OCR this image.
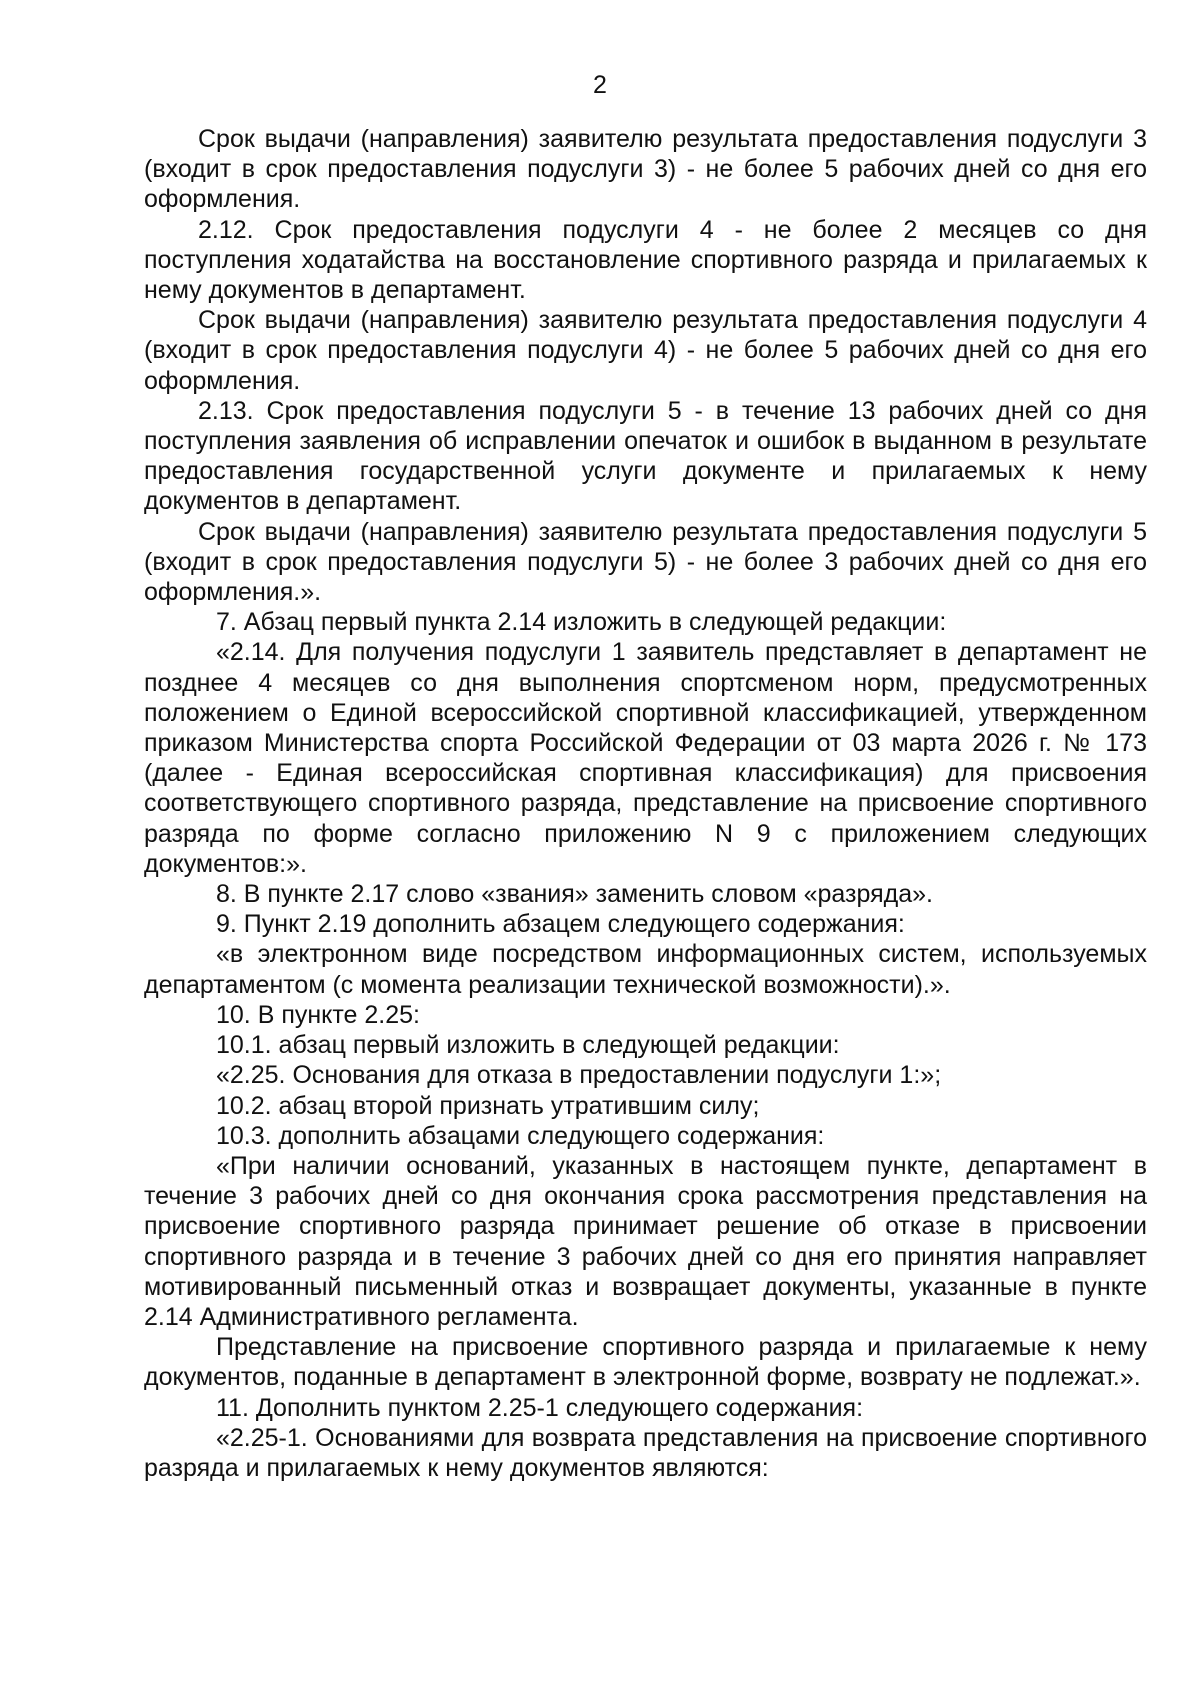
2

Срок выдачи (направления) заявителю результата предоставления подуслуги 3 (входит в срок предоставления подуслуги 3) - не более 5 рабочих дней со дня его оформления.

2.12. Срок предоставления подуслуги 4 - не более 2 месяцев со дня поступления ходатайства на восстановление спортивного разряда и прилагаемых к нему документов в департамент.

Срок выдачи (направления) заявителю результата предоставления подуслуги 4 (входит в срок предоставления подуслуги 4) - не более 5 рабочих дней со дня его оформления.

2.13. Срок предоставления подуслуги 5 - в течение 13 рабочих дней со дня поступления заявления об исправлении опечаток и ошибок в выданном в результате предоставления государственной услуги документе и прилагаемых к нему документов в департамент.

Срок выдачи (направления) заявителю результата предоставления подуслуги 5 (входит в срок предоставления подуслуги 5) - не более 3 рабочих дней со дня его оформления.».

7. Абзац первый пункта 2.14 изложить в следующей редакции:

«2.14. Для получения подуслуги 1 заявитель представляет в департамент не позднее 4 месяцев со дня выполнения спортсменом норм, предусмотренных положением о Единой всероссийской спортивной классификацией, утвержденном приказом Министерства спорта Российской Федерации от 03 марта 2026 г. № 173 (далее - Единая всероссийская спортивная классификация) для присвоения соответствующего спортивного разряда, представление на присвоение спортивного разряда по форме согласно приложению N 9 с приложением следующих документов:».

8. В пункте 2.17 слово «звания» заменить словом «разряда».

9. Пункт 2.19 дополнить абзацем следующего содержания:

«в электронном виде посредством информационных систем, используемых департаментом (с момента реализации технической возможности).».

10. В пункте 2.25:

10.1. абзац первый изложить в следующей редакции:

«2.25. Основания для отказа в предоставлении подуслуги 1:»;

10.2. абзац второй признать утратившим силу;

10.3. дополнить абзацами следующего содержания:

«При наличии оснований, указанных в настоящем пункте, департамент в течение 3 рабочих дней со дня окончания срока рассмотрения представления на присвоение спортивного разряда принимает решение об отказе в присвоении спортивного разряда и в течение 3 рабочих дней со дня его принятия направляет мотивированный письменный отказ и возвращает документы, указанные в пункте 2.14 Административного регламента.

Представление на присвоение спортивного разряда и прилагаемые к нему документов, поданные в департамент в электронной форме, возврату не подлежат.».

11. Дополнить пунктом 2.25-1 следующего содержания:

«2.25-1. Основаниями для возврата представления на присвоение спортивного разряда и прилагаемых к нему документов являются:
